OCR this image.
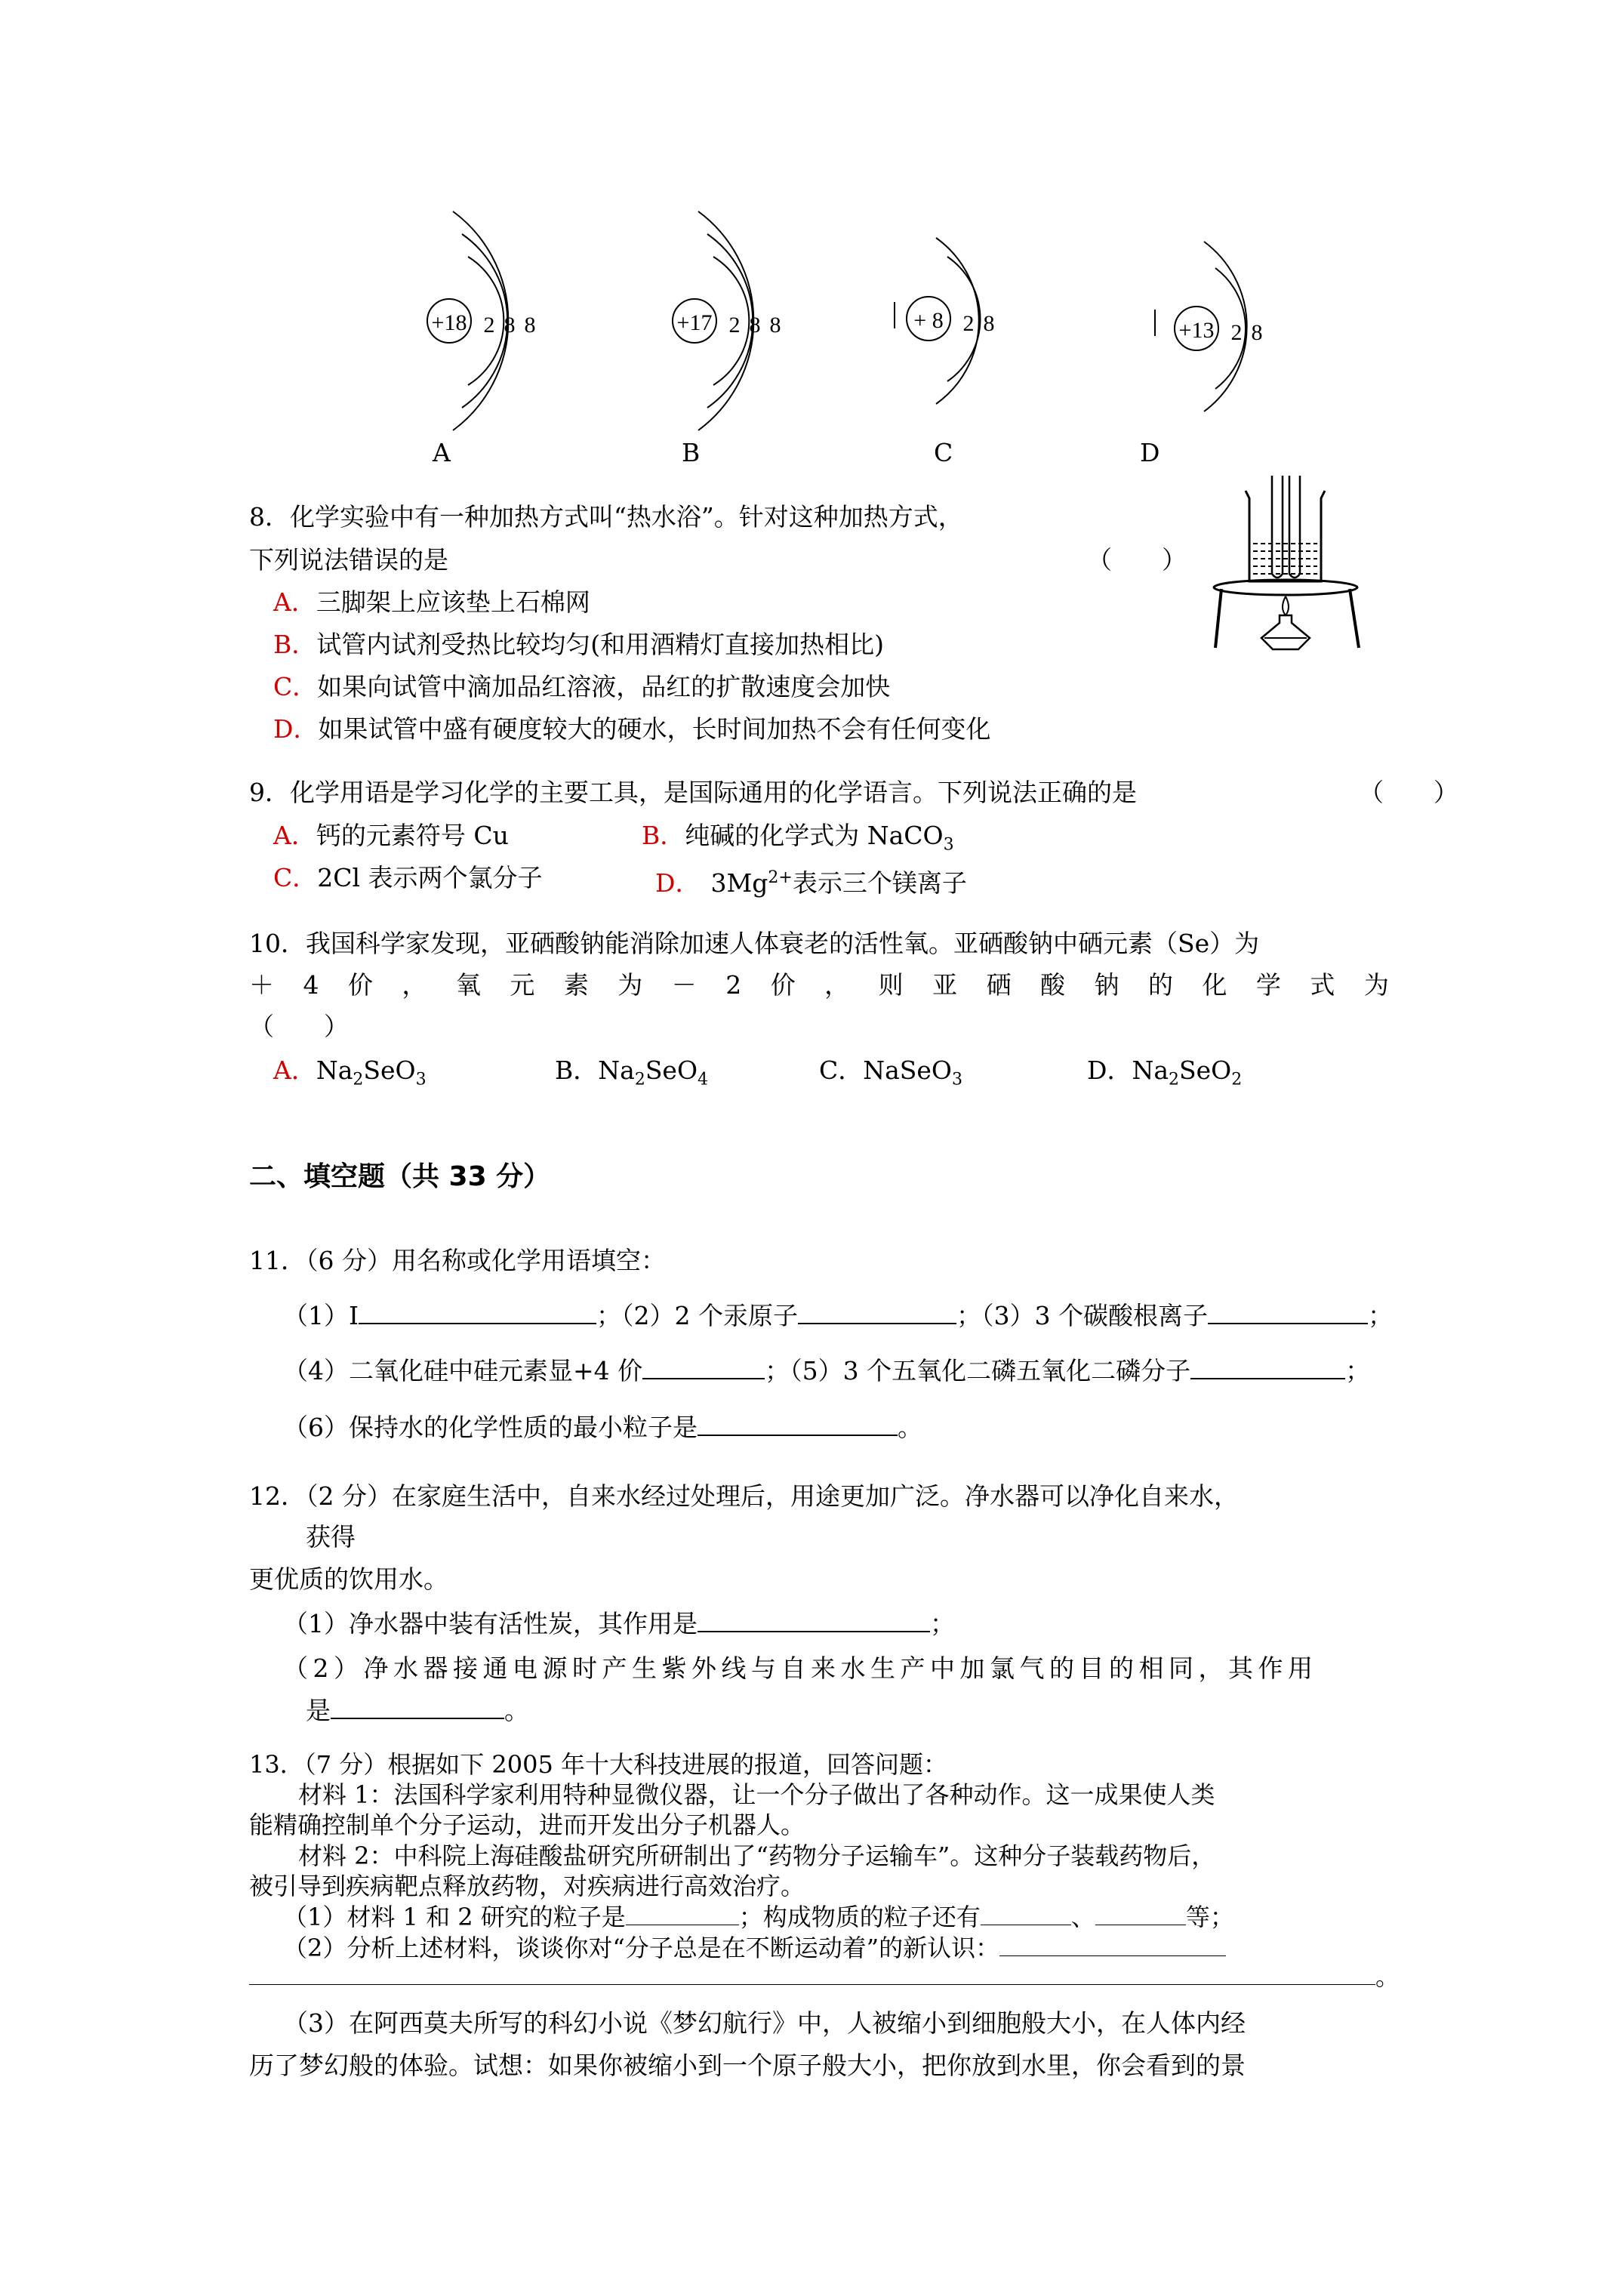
+18 2 8 8	+17 2 8 8	+ 8 2 8	+13 2 8
A	B	C	D
8．化学实验中有一种加热方式叫“热水浴”。针对这种加热方式，
下列说法错误的是	（　　）
A．三脚架上应该垫上石棉网
B．试管内试剂受热比较均匀(和用酒精灯直接加热相比)
C．如果向试管中滴加品红溶液，品红的扩散速度会加快
D．如果试管中盛有硬度较大的硬水，长时间加热不会有任何变化
9．化学用语是学习化学的主要工具，是国际通用的化学语言。下列说法正确的是	（　　）
A．钙的元素符号 Cu	B．纯碱的化学式为 NaCO$_3$
C．2Cl 表示两个氯分子	D． $3Mg^{2+}$表示三个镁离子
10．我国科学家发现，亚硒酸钠能消除加速人体衰老的活性氧。亚硒酸钠中硒元素（Se）为
＋ 4 价 ， 氧 元 素 为 － 2 价 ， 则 亚 硒 酸 钠 的 化 学 式 为
（　　）
A．$Na_2SeO_3$	B．$Na_2SeO_4$	C．NaSeO$_3$	D．$Na_2SeO_2$
二、填空题（共 33 分）
11．（6 分）用名称或化学用语填空：
（1）I	；（2）2 个汞原子	；（3）3 个碳酸根离子	；
（4）二氧化硅中硅元素显+4 价	；（5）3 个五氧化二磷五氧化二磷分子	；
（6）保持水的化学性质的最小粒子是	。
12．（2 分）在家庭生活中，自来水经过处理后，用途更加广泛。净水器可以净化自来水，
获得
更优质的饮用水。
（1）净水器中装有活性炭，其作用是	；
（2）净水器接通电源时产生紫外线与自来水生产中加氯气的目的相同，其作用
是	。
13．（7 分）根据如下 2005 年十大科技进展的报道，回答问题：
材料 1：法国科学家利用特种显微仪器，让一个分子做出了各种动作。这一成果使人类
能精确控制单个分子运动，进而开发出分子机器人。
材料 2：中科院上海硅酸盐研究所研制出了“药物分子运输车”。这种分子装载药物后，
被引导到疾病靶点释放药物，对疾病进行高效治疗。
（1）材料 1 和 2 研究的粒子是	；构成物质的粒子还有	、	等；
（2）分析上述材料，谈谈你对“分子总是在不断运动着”的新认识：
。
（3）在阿西莫夫所写的科幻小说《梦幻航行》中，人被缩小到细胞般大小，在人体内经
历了梦幻般的体验。试想：如果你被缩小到一个原子般大小，把你放到水里，你会看到的景
